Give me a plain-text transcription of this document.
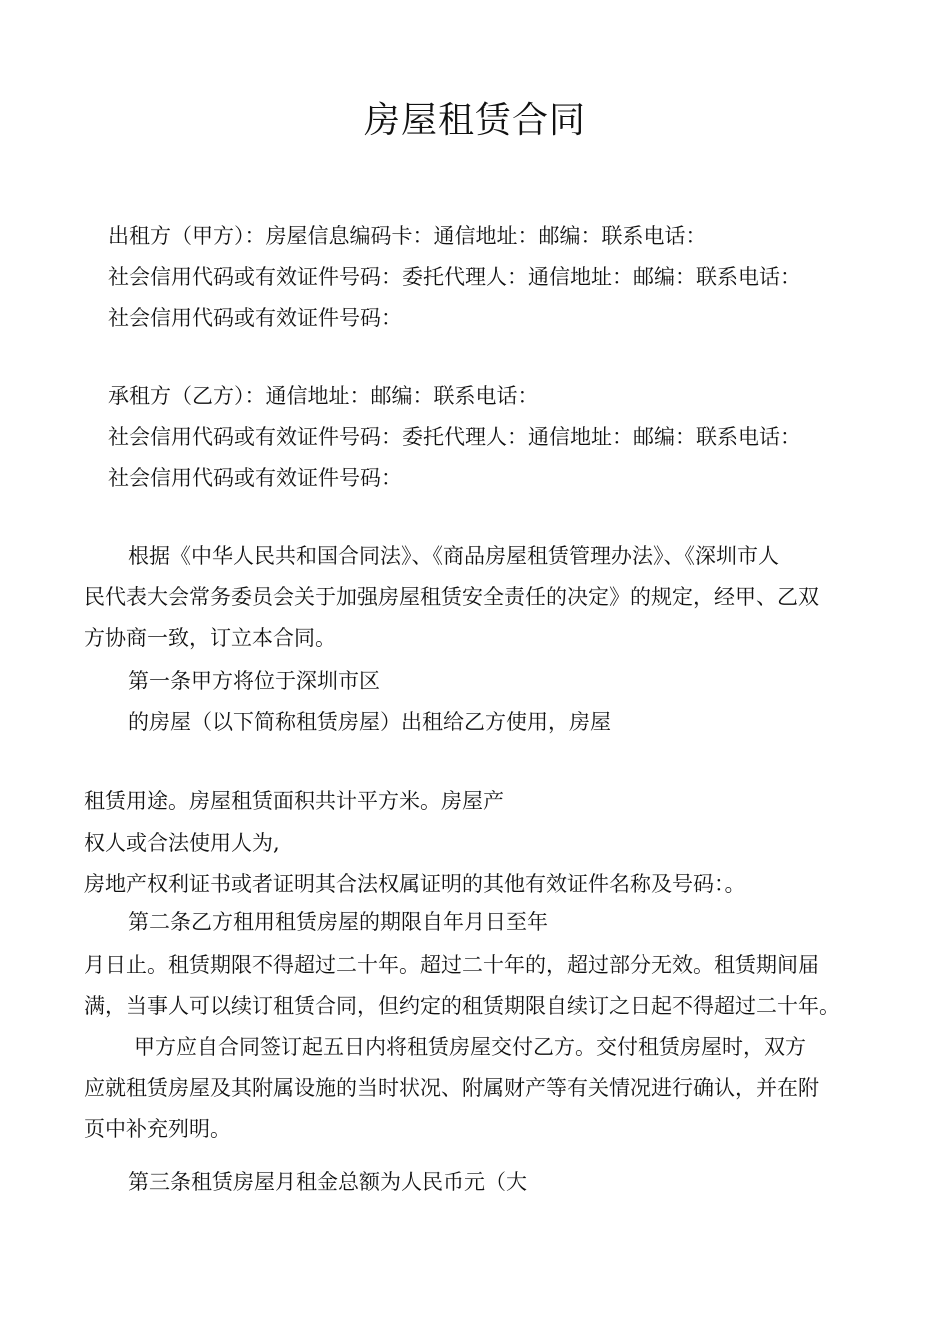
房屋租赁合同

出租方（甲方）：房屋信息编码卡：通信地址：邮编：联系电话：

社会信用代码或有效证件号码：委托代理人：通信地址：邮编：联系电话：

社会信用代码或有效证件号码：

承租方（乙方）：通信地址：邮编：联系电话：

社会信用代码或有效证件号码：委托代理人：通信地址：邮编：联系电话：

社会信用代码或有效证件号码：

根据《中华人民共和国合同法》、《商品房屋租赁管理办法》、《深圳市人

民代表大会常务委员会关于加强房屋租赁安全责任的决定》的规定，经甲、乙双

方协商一致，订立本合同。

第一条甲方将位于深圳市区

的房屋（以下简称租赁房屋）出租给乙方使用，房屋

租赁用途。房屋租赁面积共计平方米。房屋产

权人或合法使用人为,

房地产权利证书或者证明其合法权属证明的其他有效证件名称及号码：。

第二条乙方租用租赁房屋的期限自年月日至年

月日止。租赁期限不得超过二十年。超过二十年的，超过部分无效。租赁期间届

满，当事人可以续订租赁合同，但约定的租赁期限自续订之日起不得超过二十年。

甲方应自合同签订起五日内将租赁房屋交付乙方。交付租赁房屋时，双方

应就租赁房屋及其附属设施的当时状况、附属财产等有关情况进行确认，并在附

页中补充列明。

第三条租赁房屋月租金总额为人民币元（大
